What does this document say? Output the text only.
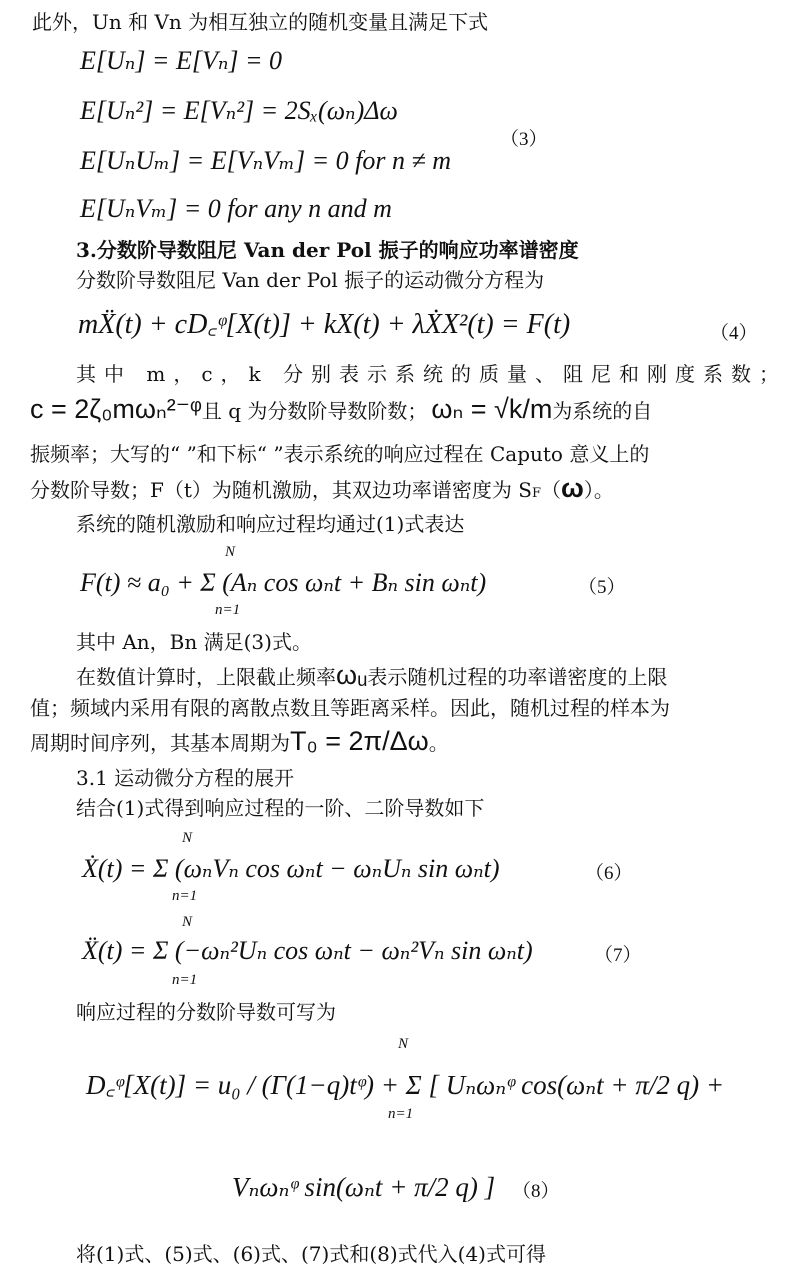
此外，Un 和 Vn 为相互独立的随机变量且满足下式
E[Uₙ] = E[Vₙ] = 0
E[Uₙ²] = E[Vₙ²] = 2Sₓ(ωₙ)Δω
E[UₙUₘ] = E[VₙVₘ] = 0 for n ≠ m
E[UₙVₘ] = 0 for any n and m
（3）
3.分数阶导数阻尼 Van der Pol 振子的响应功率谱密度
分数阶导数阻尼 Van der Pol 振子的运动微分方程为
mẌ(t) + cD꜀ᵠ[X(t)] + kX(t) + λẊX²(t) = F(t)	（4）
其中 m，c，k 分别表示系统的质量、阻尼和刚度系数；
c = 2ζ₀mωₙ²⁻ᵠ 且 q 为分数阶导数阶数； ωₙ = √k/m 为系统的自
振频率；大写的“ ”和下标“ ”表示系统的响应过程在 Caputo 意义上的
分数阶导数；F（t）为随机激励，其双边功率谱密度为 S F （ ω ）。
系统的随机激励和响应过程均通过(1)式表达
F(t) ≈ a₀ + Σ (Aₙ cos ωₙt + Bₙ sin ωₙt)
N
n=1
（5）
其中 An，Bn 满足(3)式。
在数值计算时，上限截止频率 ωᵤ 表示随机过程的功率谱密度的上限
值；频域内采用有限的离散点数且等距离采样。因此，随机过程的样本为
周期时间序列，其基本周期为 T₀ = 2π/Δω 。
3.1 运动微分方程的展开
结合(1)式得到响应过程的一阶、二阶导数如下
Ẋ(t) = Σ (ωₙVₙ cos ωₙt − ωₙUₙ sin ωₙt)
N
n=1
（6）
Ẍ(t) = Σ (−ωₙ²Uₙ cos ωₙt − ωₙ²Vₙ sin ωₙt)
N
n=1
（7）
响应过程的分数阶导数可写为
D꜀ᵠ[X(t)] = u₀ / (Γ(1−q)tᵠ) + Σ [ Uₙωₙᵠ cos(ωₙt + π/2 q) +
N
n=1
Vₙωₙᵠ sin(ωₙt + π/2 q) ] （8）
将(1)式、(5)式、(6)式、(7)式和(8)式代入(4)式可得
